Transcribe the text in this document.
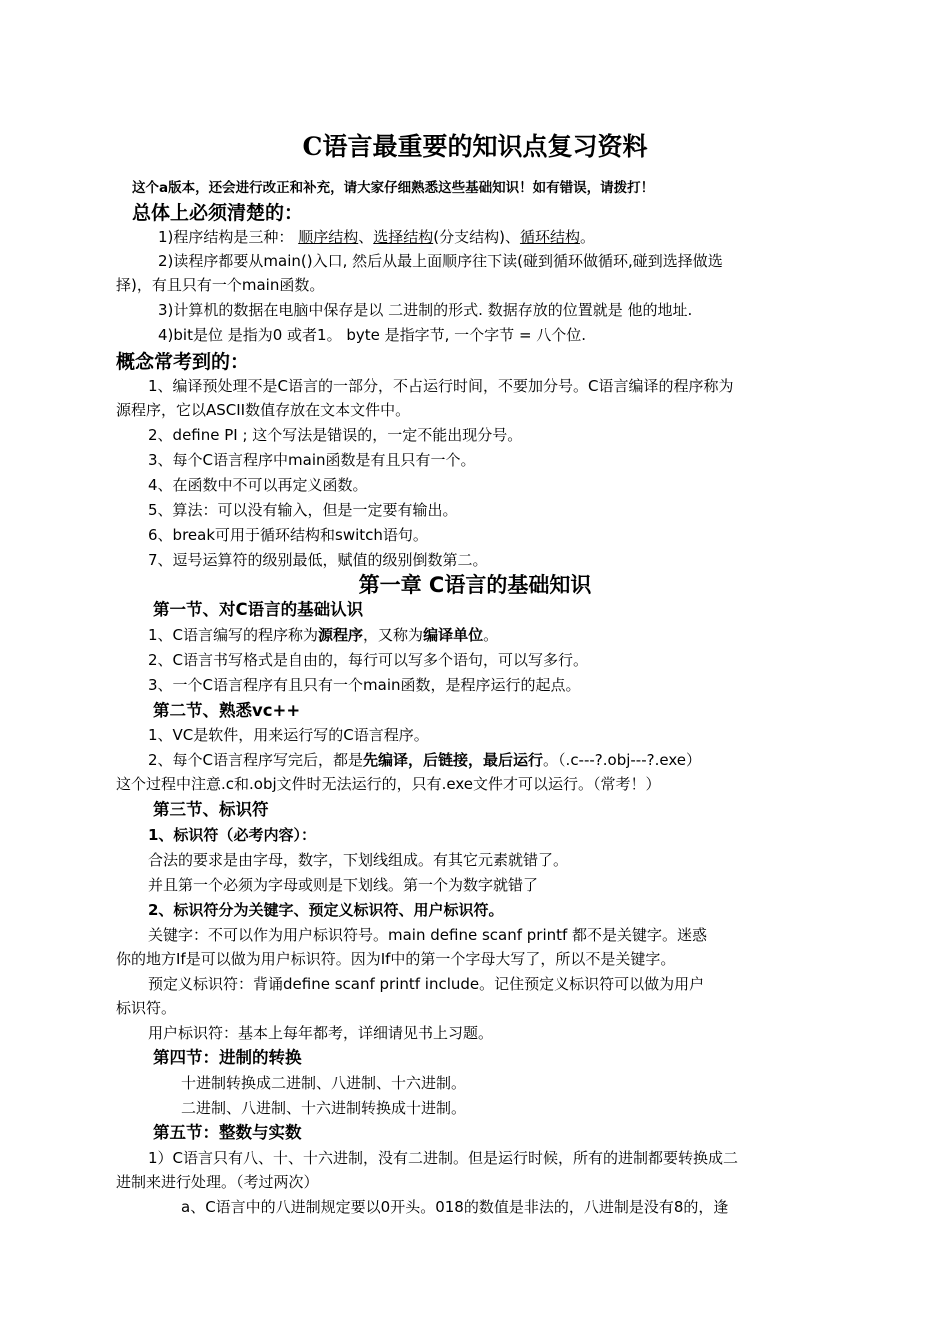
C语言最重要的知识点复习资料
这个a版本，还会进行改正和补充，请大家仔细熟悉这些基础知识！如有错误，请拨打！
总体上必须清楚的：
1)程序结构是三种： 顺序结构、选择结构(分支结构)、循环结构。
2)读程序都要从main()入口, 然后从最上面顺序往下读(碰到循环做循环,碰到选择做选
择)，有且只有一个main函数。
3)计算机的数据在电脑中保存是以 二进制的形式. 数据存放的位置就是 他的地址.
4)bit是位 是指为0 或者1。 byte 是指字节, 一个字节 = 八个位.
概念常考到的：
1、编译预处理不是C语言的一部分，不占运行时间，不要加分号。C语言编译的程序称为
源程序，它以ASCII数值存放在文本文件中。
2、define PI ; 这个写法是错误的，一定不能出现分号。
3、每个C语言程序中main函数是有且只有一个。
4、在函数中不可以再定义函数。
5、算法：可以没有输入，但是一定要有输出。
6、break可用于循环结构和switch语句。
7、逗号运算符的级别最低，赋值的级别倒数第二。
第一章 C语言的基础知识
第一节、对C语言的基础认识
1、C语言编写的程序称为源程序，又称为编译单位。
2、C语言书写格式是自由的，每行可以写多个语句，可以写多行。
3、一个C语言程序有且只有一个main函数，是程序运行的起点。
第二节、熟悉vc++
1、VC是软件，用来运行写的C语言程序。
2、每个C语言程序写完后，都是先编译，后链接，最后运行。（.c---?.obj---?.exe）
这个过程中注意.c和.obj文件时无法运行的，只有.exe文件才可以运行。（常考！）
第三节、标识符
1、标识符（必考内容）：
合法的要求是由字母，数字，下划线组成。有其它元素就错了。
并且第一个必须为字母或则是下划线。第一个为数字就错了
2、标识符分为关键字、预定义标识符、用户标识符。
关键字：不可以作为用户标识符号。main define scanf printf 都不是关键字。迷惑
你的地方If是可以做为用户标识符。因为If中的第一个字母大写了，所以不是关键字。
预定义标识符：背诵define scanf printf include。记住预定义标识符可以做为用户
标识符。
用户标识符：基本上每年都考，详细请见书上习题。
第四节：进制的转换
十进制转换成二进制、八进制、十六进制。
二进制、八进制、十六进制转换成十进制。
第五节：整数与实数
1）C语言只有八、十、十六进制，没有二进制。但是运行时候，所有的进制都要转换成二
进制来进行处理。（考过两次）
a、C语言中的八进制规定要以0开头。018的数值是非法的，八进制是没有8的，逢
